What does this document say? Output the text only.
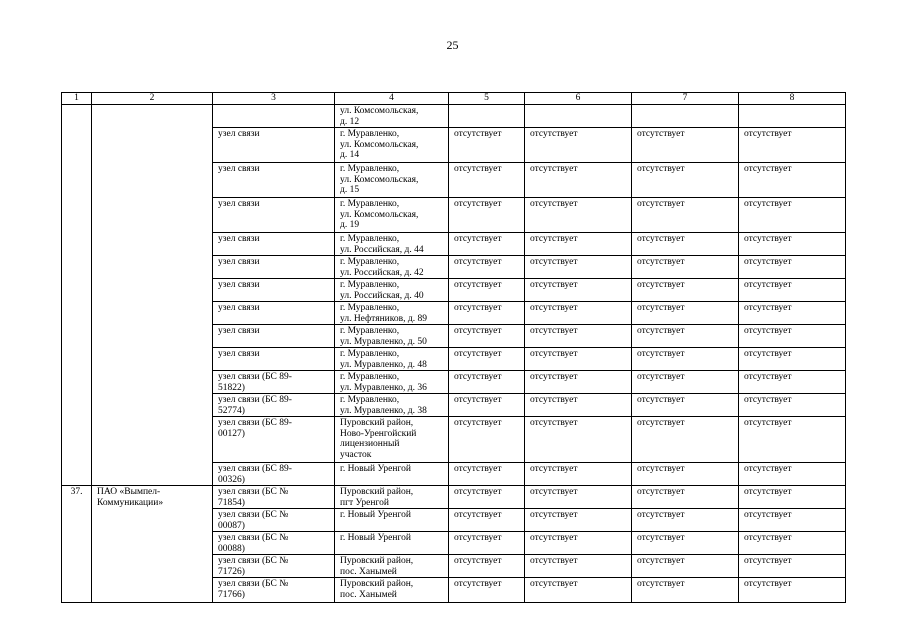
25
1	2	3	4	5	6	7	8
			ул. Комсомольская,
д. 12				
		узел связи	г. Муравленко,
ул. Комсомольская,
д. 14	отсутствует	отсутствует	отсутствует	отсутствует
		узел связи	г. Муравленко,
ул. Комсомольская,
д. 15	отсутствует	отсутствует	отсутствует	отсутствует
		узел связи	г. Муравленко,
ул. Комсомольская,
д. 19	отсутствует	отсутствует	отсутствует	отсутствует
		узел связи	г. Муравленко,
ул. Российская, д. 44	отсутствует	отсутствует	отсутствует	отсутствует
		узел связи	г. Муравленко,
ул. Российская, д. 42	отсутствует	отсутствует	отсутствует	отсутствует
		узел связи	г. Муравленко,
ул. Российская, д. 40	отсутствует	отсутствует	отсутствует	отсутствует
		узел связи	г. Муравленко,
ул. Нефтяников, д. 89	отсутствует	отсутствует	отсутствует	отсутствует
		узел связи	г. Муравленко,
ул. Муравленко, д. 50	отсутствует	отсутствует	отсутствует	отсутствует
		узел связи	г. Муравленко,
ул. Муравленко, д. 48	отсутствует	отсутствует	отсутствует	отсутствует
		узел связи (БС 89-
51822)	г. Муравленко,
ул. Муравленко, д. 36	отсутствует	отсутствует	отсутствует	отсутствует
		узел связи (БС 89-
52774)	г. Муравленко,
ул. Муравленко, д. 38	отсутствует	отсутствует	отсутствует	отсутствует
		узел связи (БС 89-
00127)	Пуровский район,
Ново-Уренгойский
лицензионный
участок	отсутствует	отсутствует	отсутствует	отсутствует
		узел связи (БС 89-
00326)	г. Новый Уренгой	отсутствует	отсутствует	отсутствует	отсутствует
37.	ПАО «Вымпел-
Коммуникации»	узел связи (БС №
71854)	Пуровский район,
пгт Уренгой	отсутствует	отсутствует	отсутствует	отсутствует
		узел связи (БС №
00087)	г. Новый Уренгой	отсутствует	отсутствует	отсутствует	отсутствует
		узел связи (БС №
00088)	г. Новый Уренгой	отсутствует	отсутствует	отсутствует	отсутствует
		узел связи (БС №
71726)	Пуровский район,
пос. Ханымей	отсутствует	отсутствует	отсутствует	отсутствует
		узел связи (БС №
71766)	Пуровский район,
пос. Ханымей	отсутствует	отсутствует	отсутствует	отсутствует
